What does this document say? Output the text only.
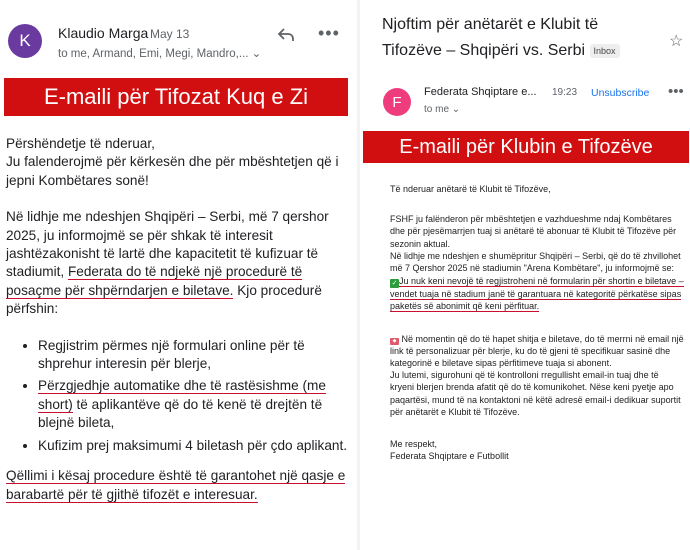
K	Klaudio Marga May 13
to me, Armand, Emi, Megi, Mandro,... ⌄
•••
E-maili për Tifozat Kuq e Zi

Përshëndetje të nderuar,
Ju falenderojmë për kërkesën dhe për mbështetjen që i jepni Kombëtares sonë!

Në lidhje me ndeshjen Shqipëri – Serbi, më 7 qershor 2025, ju informojmë se për shkak të interesit jashtëzakonisht të lartë dhe kapacitetit të kufizuar të stadiumit, Federata do të ndjekë një procedurë të posaçme për shpërndarjen e biletave. Kjo procedurë përfshin:

• Regjistrim përmes një formulari online për të shprehur interesin për blerje,
• Përzgjedhje automatike dhe të rastësishme (me short) të aplikantëve që do të kenë të drejtën të blejnë bileta,
• Kufizim prej maksimumi 4 biletash për çdo aplikant.

Qëllimi i kësaj procedure është të garantohet një qasje e barabartë për të gjithë tifozët e interesuar.

Njoftim për anëtarët e Klubit të Tifozëve – Shqipëri vs. Serbi Inbox
☆
F
Federata Shqiptare e... 19:23 Unsubscribe •••
to me ⌄
E-maili për Klubin e Tifozëve

Të nderuar anëtarë të Klubit të Tifozëve,

FSHF ju falënderon për mbështetjen e vazhdueshme ndaj Kombëtares dhe për pjesëmarrjen tuaj si anëtarë të abonuar të Klubit të Tifozëve për sezonin aktual.
Në lidhje me ndeshjen e shumëpritur Shqipëri – Serbi, që do të zhvillohet më 7 Qershor 2025 në stadiumin "Arena Kombëtare", ju informojmë se:

✓ Ju nuk keni nevojë të regjistroheni në formularin për shortin e biletave – vendet tuaja në stadium janë të garantuara në kategoritë përkatëse sipas paketës së abonimit që keni përfituar.

◆ Në momentin që do të hapet shitja e biletave, do të merrni në email një link të personalizuar për blerje, ku do të gjeni të specifikuar sasinë dhe kategorinë e biletave sipas përfitimeve tuaja si abonent.

Ju lutemi, sigurohuni që të kontrolloni rregullisht email-in tuaj dhe të kryeni blerjen brenda afatit që do të komunikohet. Nëse keni pyetje apo paqartësi, mund të na kontaktoni në këtë adresë email-i dedikuar suportit për anëtarët e Klubit të Tifozëve.

Me respekt,
Federata Shqiptare e Futbollit
